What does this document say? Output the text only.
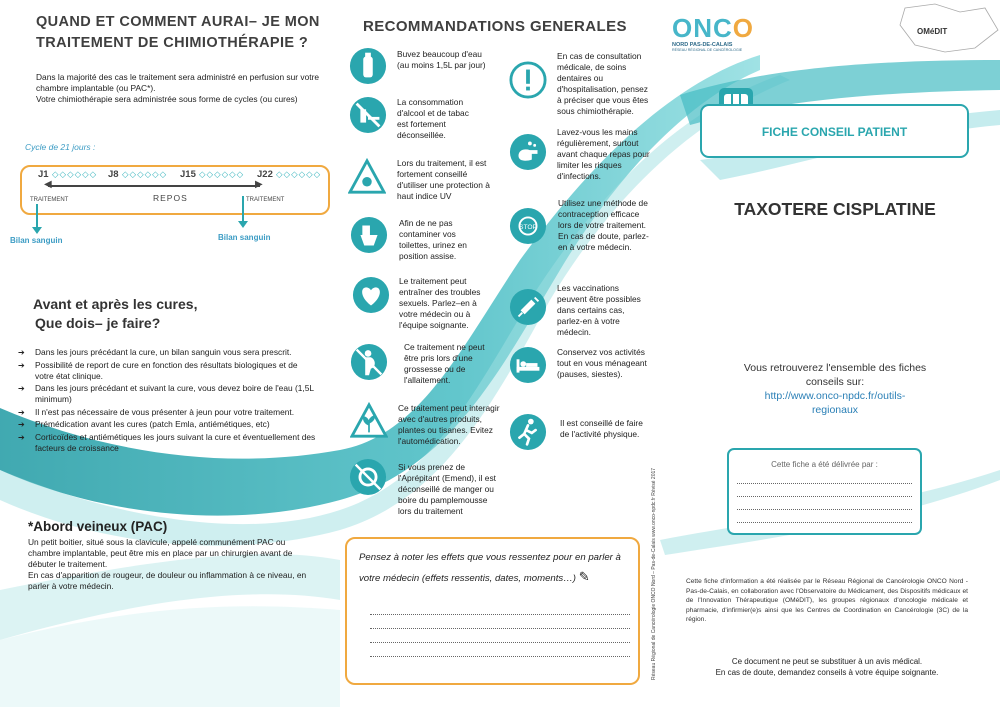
QUAND ET COMMENT AURAI– JE MON
TRAITEMENT DE CHIMIOTHÉRAPIE ?
Dans la majorité des cas le traitement sera administré en perfusion sur votre chambre implantable (ou PAC*).
Votre chimiothérapie sera administrée sous forme de cycles (ou cures)
Cycle de 21 jours :
J1 ◇◇◇◇◇◇ J8 ◇◇◇◇◇◇ J15 ◇◇◇◇◇◇ J22 ◇◇◇◇◇◇
◀	▶
TRAITEMENT	REPOS	TRAITEMENT
Bilan sanguin	Bilan sanguin
Avant et après les cures,
Que dois– je faire?
➔ Dans les jours précédant la cure, un bilan sanguin vous sera prescrit.
➔ Possibilité de report de cure en fonction des résultats biologiques et de votre état clinique.
➔ Dans les jours précédant et suivant la cure, vous devez boire de l'eau (1,5L minimum)
➔ Il n'est pas nécessaire de vous présenter à jeun pour votre traitement.
➔ Prémédication avant les cures (patch Emla, antiémétiques, etc)
➔ Corticoïdes et antiémétiques les jours suivant la cure et éventuellement des facteurs de croissance
*Abord veineux (PAC)
Un petit boitier, situé sous la clavicule, appelé communément PAC ou chambre implantable, peut être mis en place par un chirurgien avant de débuter le traitement.
En cas d'apparition de rougeur, de douleur ou inflammation à ce niveau, en parler à votre médecin.
RECOMMANDATIONS GENERALES
Buvez beaucoup d'eau (au moins 1,5L par jour)
La consommation d'alcool et de tabac est fortement déconseillée.
Lors du traitement, il est fortement conseillé d'utiliser une protection à haut indice UV
Afin de ne pas contaminer vos toilettes, urinez en position assise.
Le traitement peut entraîner des troubles sexuels. Parlez–en à votre médecin ou à l'équipe soignante.
Ce traitement ne peut être pris lors d'une grossesse ou de l'allaitement.
Ce traitement peut interagir avec d'autres produits, plantes ou tisanes. Evitez l'automédication.
Si vous prenez de l'Aprépitant (Emend), il est déconseillé de manger ou boire du pamplemousse lors du traitement
STOP
En cas de consultation médicale, de soins dentaires ou d'hospitalisation, pensez à préciser que vous êtes sous chimiothérapie.
Lavez-vous les mains régulièrement, surtout avant chaque repas pour limiter les risques d'infections.
Utilisez une méthode de contraception efficace lors de votre traitement. En cas de doute, parlez-en à votre médecin.
Les vaccinations peuvent être possibles dans certains cas, parlez-en à votre médecin.
Conservez vos activités tout en vous ménageant (pauses, siestes).
Il est conseillé de faire de l'activité physique.
Pensez à noter les effets que vous ressentez pour en parler à votre médecin (effets ressentis, dates, moments…) ✎	Réseau Régional de Cancérologie ONCO Nord – Pas-de-Calais www.onco-npdc.fr Révisé 2017
ONCO
NORD PAS-DE-CALAIS
RÉSEAU RÉGIONAL DE CANCÉROLOGIE
OMéDIT
FICHE CONSEIL PATIENT
TAXOTERE CISPLATINE
Vous retrouverez l'ensemble des fiches
conseils sur:
http://www.onco-npdc.fr/outils-
regionaux
Cette fiche a été délivrée par :
Cette fiche d'information a été réalisée par le Réseau Régional de Cancérologie ONCO Nord - Pas-de-Calais, en collaboration avec l'Observatoire du Médicament, des Dispositifs médicaux et de l'Innovation Thérapeutique (OMéDIT), les groupes régionaux d'oncologie médicale et pharmacie, d'infirmier(e)s ainsi que les Centres de Coordination en Cancérologie (3C) de la région.
Ce document ne peut se substituer à un avis médical.
En cas de doute, demandez conseils à votre équipe soignante.
